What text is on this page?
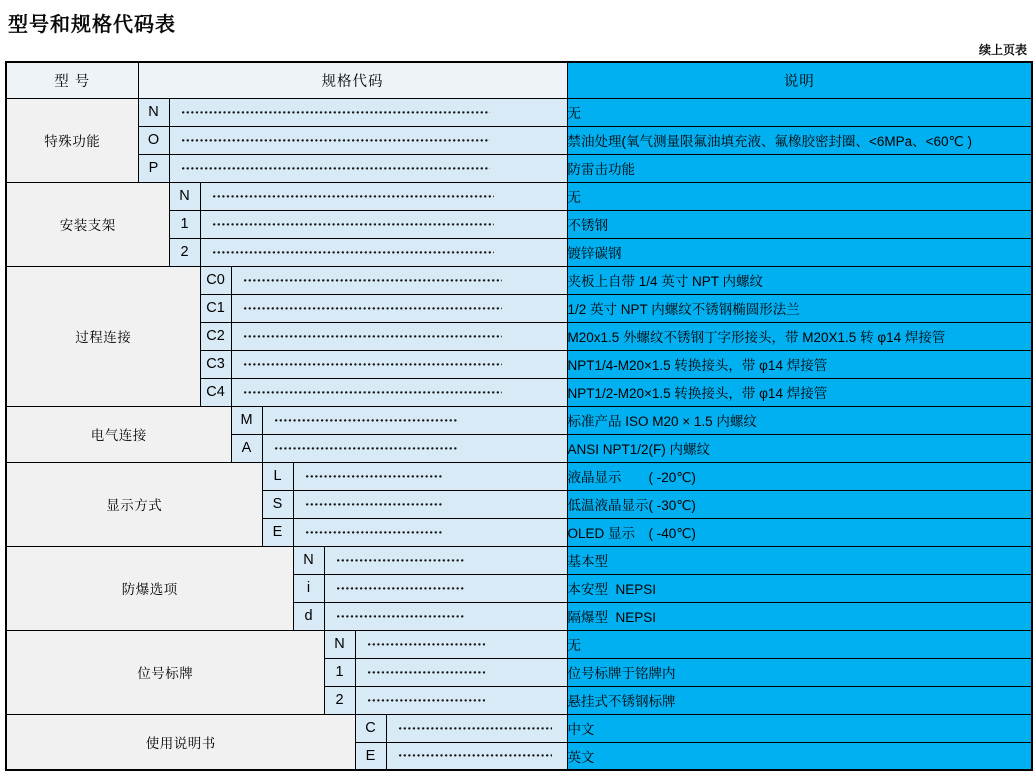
型号和规格代码表
续上页表
型 号	规格代码									说明
特殊功能	N									无
	O									禁油处理(氧气测量限氟油填充液、氟橡胶密封圈、<6MPa、<60℃ )
	P									防雷击功能
安装支架		N								无
		1								不锈钢
		2								镀锌碳钢
过程连接			C0							夹板上自带 1/4 英寸 NPT 内螺纹
			C1							1/2 英寸 NPT 内螺纹不锈钢椭圆形法兰
			C2							M20x1.5 外螺纹不锈钢丁字形接头，带 M20X1.5 转 φ14 焊接管
			C3							NPT1/4-M20×1.5 转换接头，带 φ14 焊接管
			C4							NPT1/2-M20×1.5 转换接头，带 φ14 焊接管
电气连接				M						标准产品 ISO M20 × 1.5 内螺纹
				A						ANSI NPT1/2(F) 内螺纹
显示方式					L					液晶显示　　( -20℃)
					S					低温液晶显示( -30℃)
					E					OLED 显示　( -40℃)
防爆选项						N				基本型
						i				本安型  NEPSI
						d				隔爆型  NEPSI
位号标牌							N			无
							1			位号标牌于铭牌内
							2			悬挂式不锈钢标牌
使用说明书								C		中文
								E		英文
